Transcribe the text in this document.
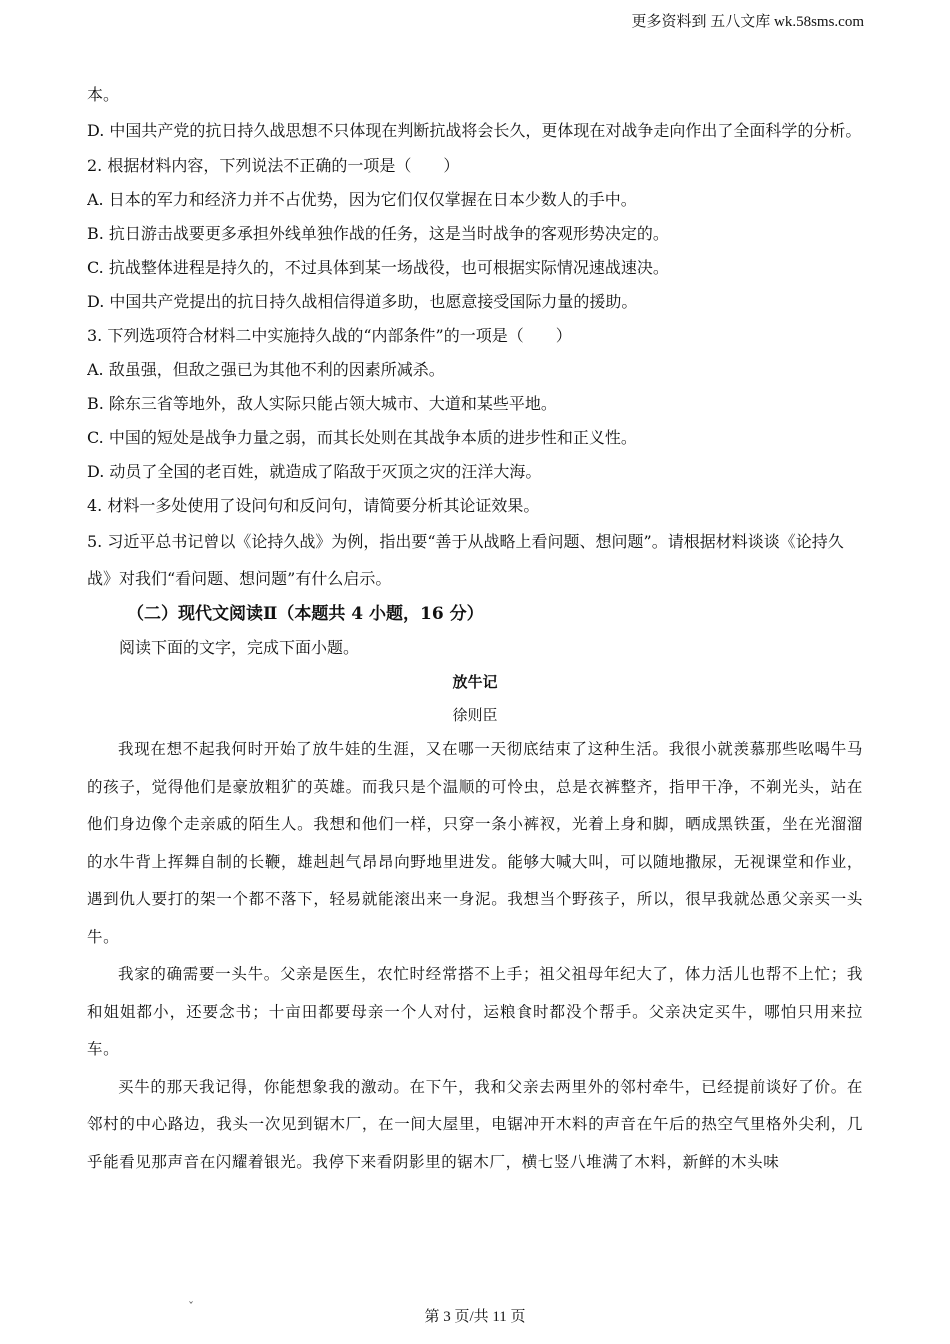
更多资料到 五八文库 wk.58sms.com
本。
D. 中国共产党的抗日持久战思想不只体现在判断抗战将会长久，更体现在对战争走向作出了全面科学的分析。
2. 根据材料内容，下列说法不正确的一项是（　　）
A. 日本的军力和经济力并不占优势，因为它们仅仅掌握在日本少数人的手中。
B. 抗日游击战要更多承担外线单独作战的任务，这是当时战争的客观形势决定的。
C. 抗战整体进程是持久的，不过具体到某一场战役，也可根据实际情况速战速决。
D. 中国共产党提出的抗日持久战相信得道多助，也愿意接受国际力量的援助。
3. 下列选项符合材料二中实施持久战的“内部条件”的一项是（　　）
A. 敌虽强，但敌之强已为其他不利的因素所减杀。
B. 除东三省等地外，敌人实际只能占领大城市、大道和某些平地。
C. 中国的短处是战争力量之弱，而其长处则在其战争本质的进步性和正义性。
D. 动员了全国的老百姓，就造成了陷敌于灭顶之灾的汪洋大海。
4. 材料一多处使用了设问句和反问句，请简要分析其论证效果。
5. 习近平总书记曾以《论持久战》为例，指出要“善于从战略上看问题、想问题”。请根据材料谈谈《论持久战》对我们“看问题、想问题”有什么启示。
（二）现代文阅读Ⅱ（本题共 4 小题，16 分）
阅读下面的文字，完成下面小题。
放牛记
徐则臣

我现在想不起我何时开始了放牛娃的生涯，又在哪一天彻底结束了这种生活。我很小就羡慕那些吆喝牛马的孩子，觉得他们是豪放粗犷的英雄。而我只是个温顺的可怜虫，总是衣裤整齐，指甲干净，不剃光头，站在他们身边像个走亲戚的陌生人。我想和他们一样，只穿一条小裤衩，光着上身和脚，晒成黑铁蛋，坐在光溜溜的水牛背上挥舞自制的长鞭，雄赳赳气昂昂向野地里进发。能够大喊大叫，可以随地撒尿，无视课堂和作业，遇到仇人要打的架一个都不落下，轻易就能滚出来一身泥。我想当个野孩子，所以，很早我就怂恿父亲买一头牛。

我家的确需要一头牛。父亲是医生，农忙时经常搭不上手；祖父祖母年纪大了，体力活儿也帮不上忙；我和姐姐都小，还要念书；十亩田都要母亲一个人对付，运粮食时都没个帮手。父亲决定买牛，哪怕只用来拉车。

买牛的那天我记得，你能想象我的激动。在下午，我和父亲去两里外的邻村牵牛，已经提前谈好了价。在邻村的中心路边，我头一次见到锯木厂，在一间大屋里，电锯冲开木料的声音在午后的热空气里格外尖利，几乎能看见那声音在闪耀着银光。我停下来看阴影里的锯木厂，横七竖八堆满了木料，新鲜的木头味

ˇ
第 3 页/共 11 页
